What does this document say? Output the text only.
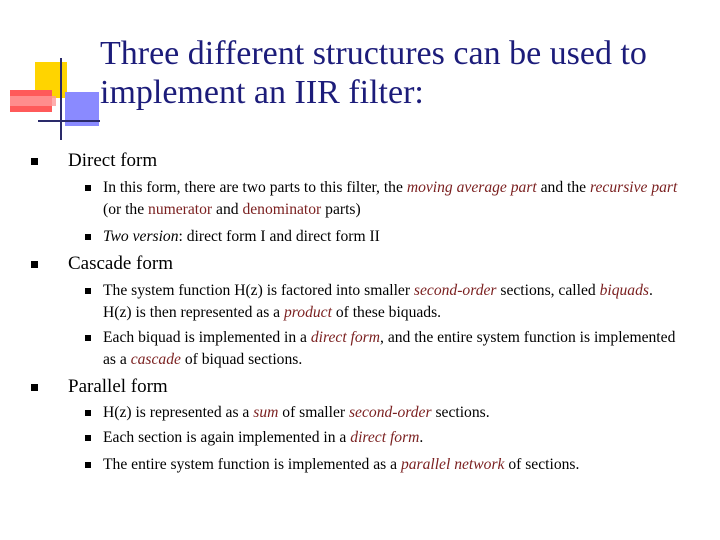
Three different structures can be used to implement an IIR filter:
Direct form
In this form, there are two parts to this filter, the moving average part and the recursive part (or the numerator and denominator parts)
Two version: direct form I and direct form II
Cascade form
The system function H(z) is factored into smaller second-order sections, called biquads. H(z) is then represented as a product of these biquads.
Each biquad is implemented in a direct form, and the entire system function is implemented as a cascade of biquad sections.
Parallel form
H(z) is represented as a sum of smaller second-order sections.
Each section is again implemented in a direct form.
The entire system function is implemented as a parallel network of sections.
